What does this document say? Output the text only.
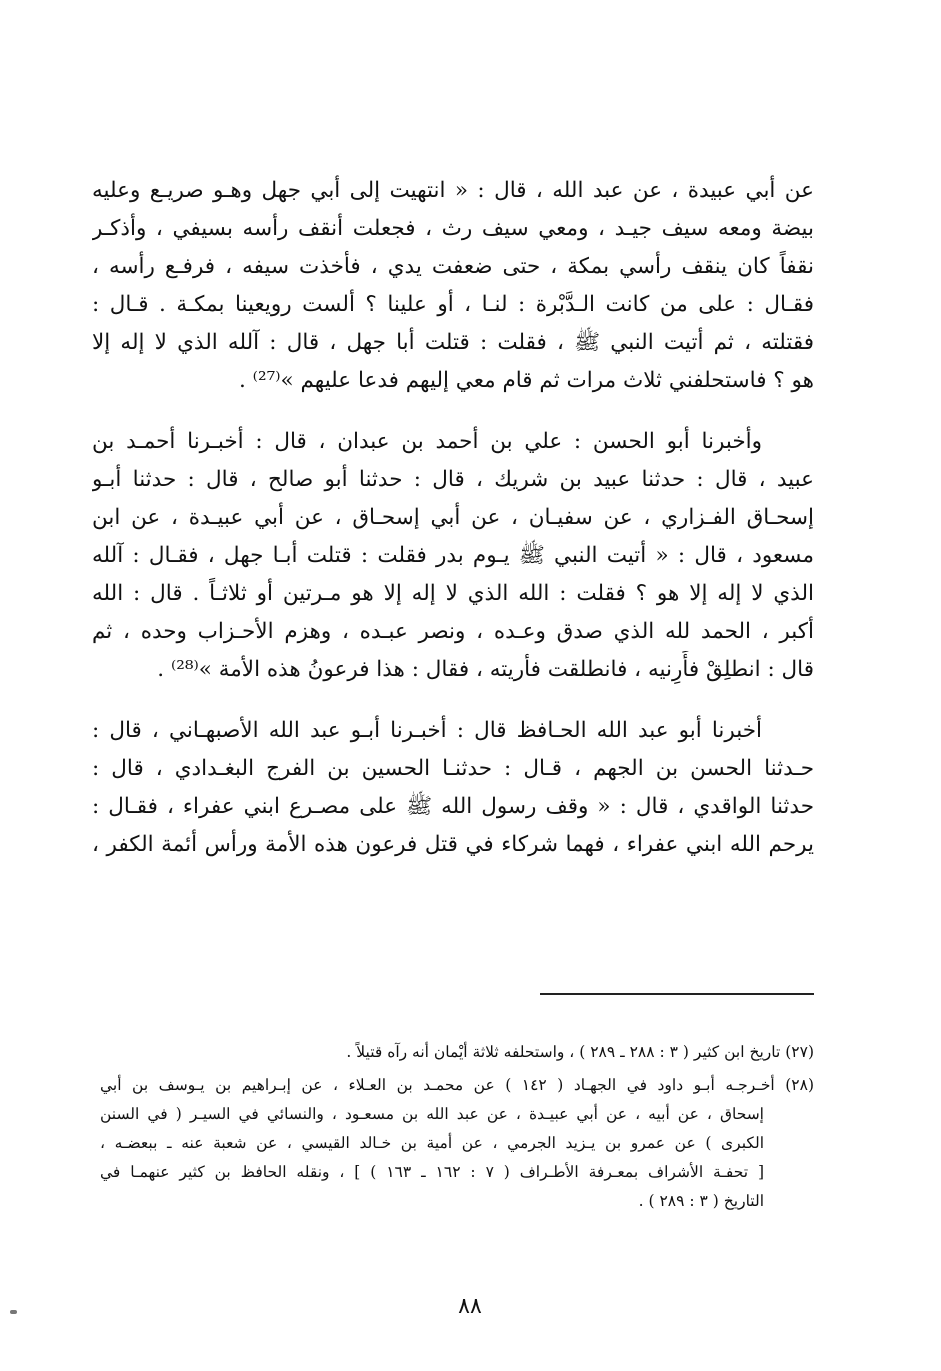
عن أبي عبيدة ، عن عبد الله ، قال : « انتهيت إلى أبي جهل وهـو صريـع وعليه
بيضة ومعه سيف جيـد ، ومعي سيف رث ، فجعلت أنقف رأسه بسيفي ، وأذكـر
نقفاً كان ينقف رأسي بمكة ، حتى ضعفت يدي ، فأخذت سيفه ، فرفـع رأسه ،
فقـال : على من كانت الـدَّبْرة : لنـا ، أو علينا ؟ ألست رويعينا بمكـة . قـال :
فقتلته ، ثم أتيت النبي ﷺ ، فقلت : قتلت أبا جهل ، قال : آلله الذي لا إله إلا
هو ؟ فاستحلفني ثلاث مرات ثم قام معي إليهم فدعا عليهم »⁽²⁷⁾ .

وأخبرنا أبو الحسن : علي بن أحمد بن عبدان ، قال : أخبـرنا أحمـد بن
عبيد ، قال : حدثنا عبيد بن شريك ، قال : حدثنا أبو صالح ، قال : حدثنا أبـو
إسحـاق الفـزاري ، عن سفيـان ، عن أبي إسحـاق ، عن أبي عبيـدة ، عن ابن
مسعود ، قال : « أتيت النبي ﷺ يـوم بدر فقلت : قتلت أبـا جهل ، فقـال : آلله
الذي لا إله إلا هو ؟ فقلت : الله الذي لا إله إلا هو مـرتين أو ثلاثـاً . قال : الله
أكبر ، الحمد لله الذي صدق وعـده ، ونصر عبـده ، وهزم الأحـزاب وحده ، ثم
قال : انطلِقْ فأَرِنيه ، فانطلقت فأريته ، فقال : هذا فرعونُ هذه الأمة »⁽²⁸⁾ .

أخبرنا أبو عبد الله الحـافظ قال : أخبـرنا أبـو عبد الله الأصبهـاني ، قال :
حـدثنا الحسن بن الجهم ، قـال : حدثنـا الحسين بن الفرج البغـدادي ، قال :
حدثنا الواقدي ، قال : « وقف رسول الله ﷺ على مصـرع ابني عفراء ، فقـال :
يرحم الله ابني عفراء ، فهما شركاء في قتل فرعون هذه الأمة ورأس أئمة الكفر ،

(٢٧) تاريخ ابن كثير ( ٣ : ٢٨٨ ـ ٢٨٩ ) ، واستحلفه ثلاثة أيْمان أنه رآه قتيلاً .
(٢٨) أخـرجـه أبـو داود في الجهـاد ( ١٤٢ ) عن محمـد بن العـلاء ، عن إبـراهيم بن يـوسف بن أبي
إسحاق ، عن أبيه ، عن أبي عبيـدة ، عن عبد الله بن مسعـود ، والنسائي في السيـر ( في السنن
الكبرى ) عن عمرو بن يـزيد الجرمي ، عن أمية بن خـالد القيسي ، عن شعبة عنه ـ ببعضـه ،
[ تحفـة الأشراف بمعـرفة الأطـراف ( ٧ : ١٦٢ ـ ١٦٣ ) ] ، ونقله الحافظ بن كثير عنهمـا في
التاريخ ( ٣ : ٢٨٩ ) .
٨٨
